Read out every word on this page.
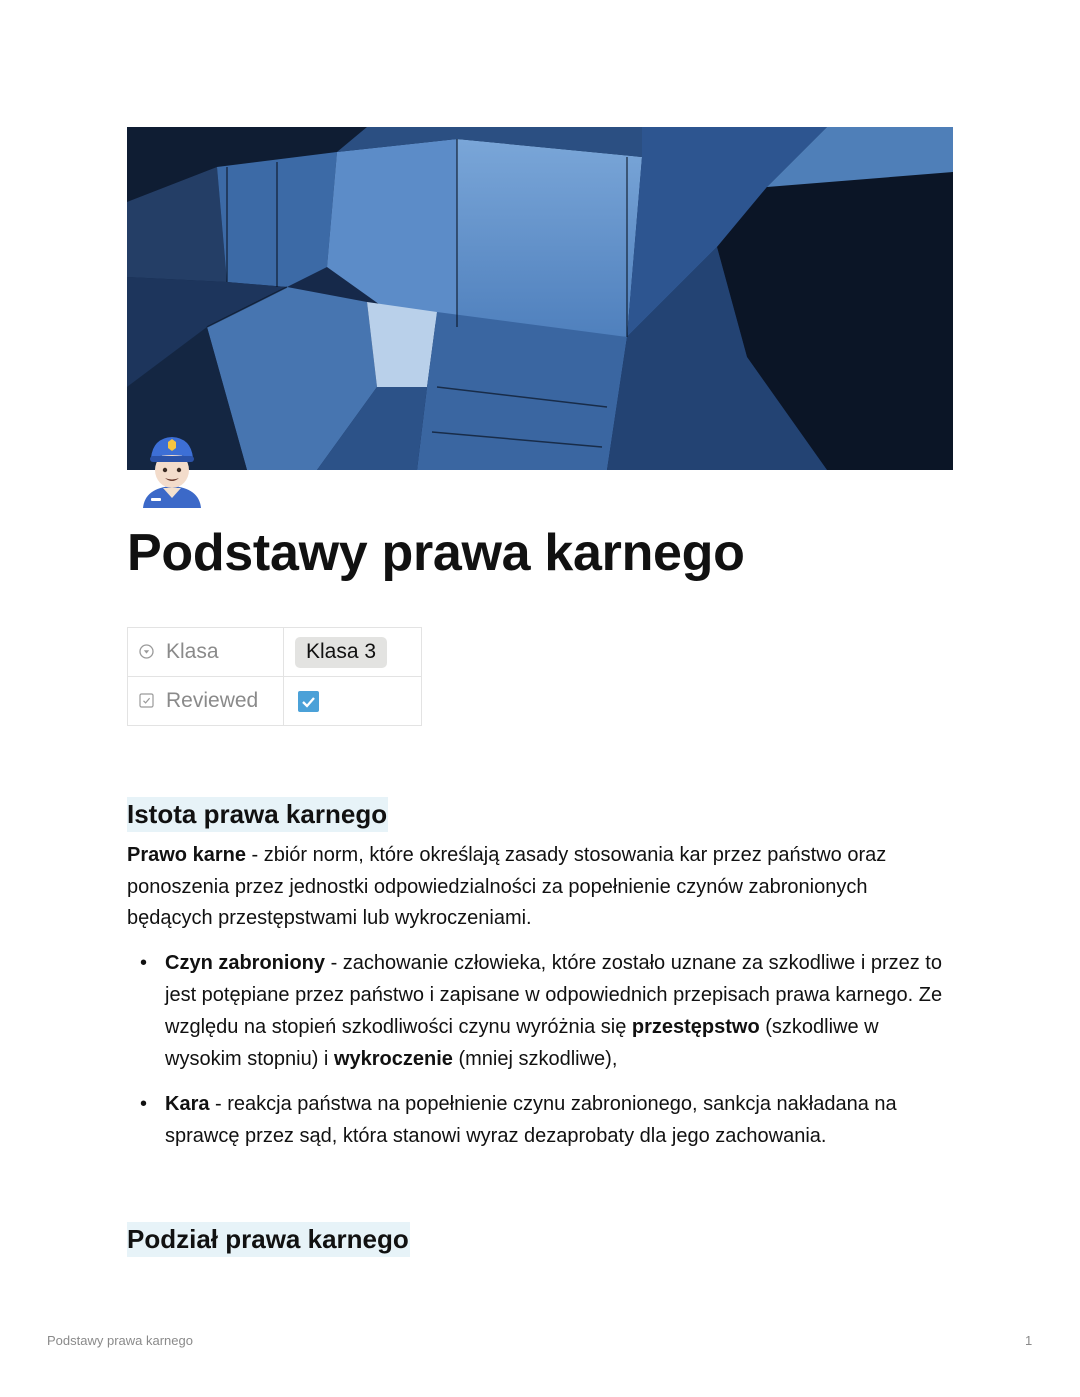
Podstawy prawa karnego
Klasa	Klasa 3
Reviewed	
Istota prawa karnego

Prawo karne - zbiór norm, które określają zasady stosowania kar przez państwo oraz ponoszenia przez jednostki odpowiedzialności za popełnienie czynów zabronionych będących przestępstwami lub wykroczeniami.

• Czyn zabroniony - zachowanie człowieka, które zostało uznane za szkodliwe i przez to jest potępiane przez państwo i zapisane w odpowiednich przepisach prawa karnego. Ze względu na stopień szkodliwości czynu wyróżnia się przestępstwo (szkodliwe w wysokim stopniu) i wykroczenie (mniej szkodliwe),
• Kara - reakcja państwa na popełnienie czynu zabronionego, sankcja nakładana na sprawcę przez sąd, która stanowi wyraz dezaprobaty dla jego zachowania.
Podział prawa karnego
Podstawy prawa karnego	1
